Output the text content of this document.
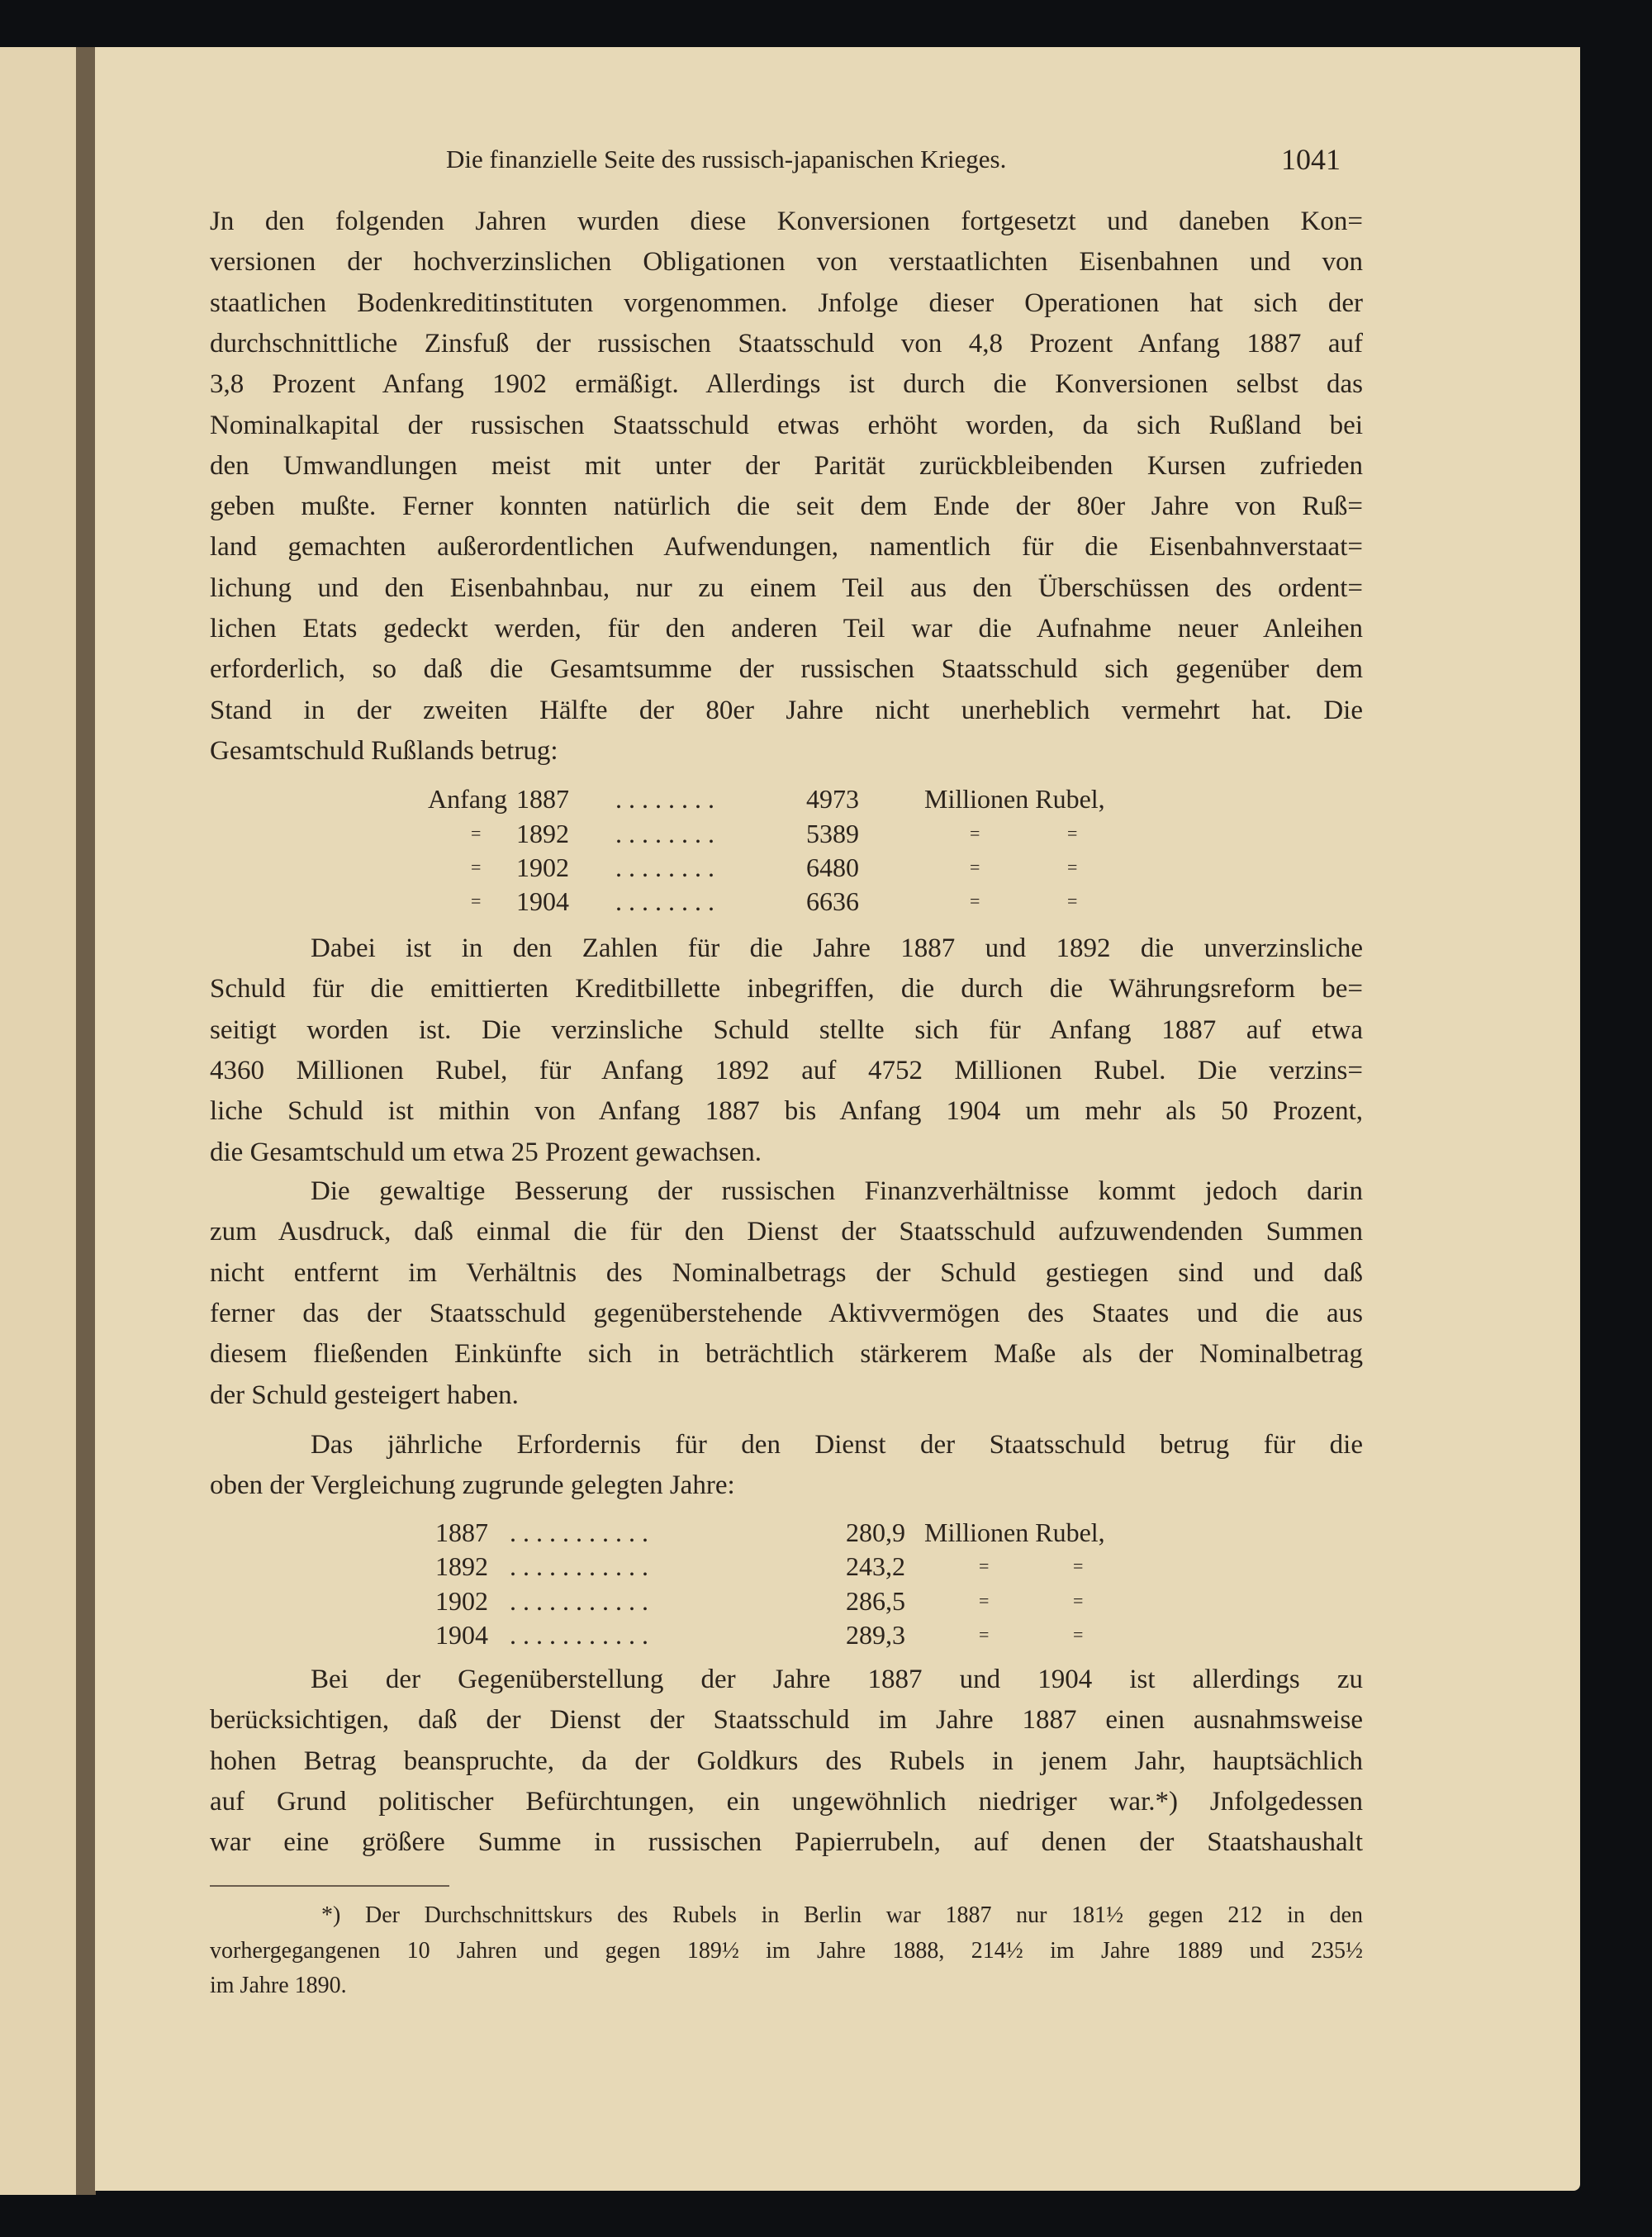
Die finanzielle Seite des russisch-japanischen Krieges.	1041
Jn den folgenden Jahren wurden diese Konversionen fortgesetzt und daneben Kon=
versionen der hochverzinslichen Obligationen von verstaatlichten Eisenbahnen und von
staatlichen Bodenkreditinstituten vorgenommen. Jnfolge dieser Operationen hat sich der
durchschnittliche Zinsfuß der russischen Staatsschuld von 4,8 Prozent Anfang 1887 auf
3,8 Prozent Anfang 1902 ermäßigt. Allerdings ist durch die Konversionen selbst das
Nominalkapital der russischen Staatsschuld etwas erhöht worden, da sich Rußland bei
den Umwandlungen meist mit unter der Parität zurückbleibenden Kursen zufrieden
geben mußte. Ferner konnten natürlich die seit dem Ende der 80er Jahre von Ruß=
land gemachten außerordentlichen Aufwendungen, namentlich für die Eisenbahnverstaat=
lichung und den Eisenbahnbau, nur zu einem Teil aus den Überschüssen des ordent=
lichen Etats gedeckt werden, für den anderen Teil war die Aufnahme neuer Anleihen
erforderlich, so daß die Gesamtsumme der russischen Staatsschuld sich gegenüber dem
Stand in der zweiten Hälfte der 80er Jahre nicht unerheblich vermehrt hat. Die
Gesamtschuld Rußlands betrug:
Dabei ist in den Zahlen für die Jahre 1887 und 1892 die unverzinsliche
Schuld für die emittierten Kreditbillette inbegriffen, die durch die Währungsreform be=
seitigt worden ist. Die verzinsliche Schuld stellte sich für Anfang 1887 auf etwa
4360 Millionen Rubel, für Anfang 1892 auf 4752 Millionen Rubel. Die verzins=
liche Schuld ist mithin von Anfang 1887 bis Anfang 1904 um mehr als 50 Prozent,
die Gesamtschuld um etwa 25 Prozent gewachsen.
Die gewaltige Besserung der russischen Finanzverhältnisse kommt jedoch darin
zum Ausdruck, daß einmal die für den Dienst der Staatsschuld aufzuwendenden Summen
nicht entfernt im Verhältnis des Nominalbetrags der Schuld gestiegen sind und daß
ferner das der Staatsschuld gegenüberstehende Aktivvermögen des Staates und die aus
diesem fließenden Einkünfte sich in beträchtlich stärkerem Maße als der Nominalbetrag
der Schuld gesteigert haben.
Das jährliche Erfordernis für den Dienst der Staatsschuld betrug für die
oben der Vergleichung zugrunde gelegten Jahre:
Bei der Gegenüberstellung der Jahre 1887 und 1904 ist allerdings zu
berücksichtigen, daß der Dienst der Staatsschuld im Jahre 1887 einen ausnahmsweise
hohen Betrag beanspruchte, da der Goldkurs des Rubels in jenem Jahr, hauptsächlich
auf Grund politischer Befürchtungen, ein ungewöhnlich niedriger war.*) Jnfolgedessen
war eine größere Summe in russischen Papierrubeln, auf denen der Staatshaushalt
Anfang 1887 . . . . . . . .	4973 Millionen Rubel,
= 1892 . . . . . . . .	5389	=	=
= 1902 . . . . . . . .	6480	=	=
= 1904 . . . . . . . .	6636	=	=
1887 . . . . . . . . . . .	280,9 Millionen Rubel,
1892 . . . . . . . . . . .	243,2	=	=
1902 . . . . . . . . . . .	286,5	=	=
1904 . . . . . . . . . . .	289,3	=	=
*) Der Durchschnittskurs des Rubels in Berlin war 1887 nur 181½ gegen 212 in den
vorhergegangenen 10 Jahren und gegen 189½ im Jahre 1888, 214½ im Jahre 1889 und 235½
im Jahre 1890.
